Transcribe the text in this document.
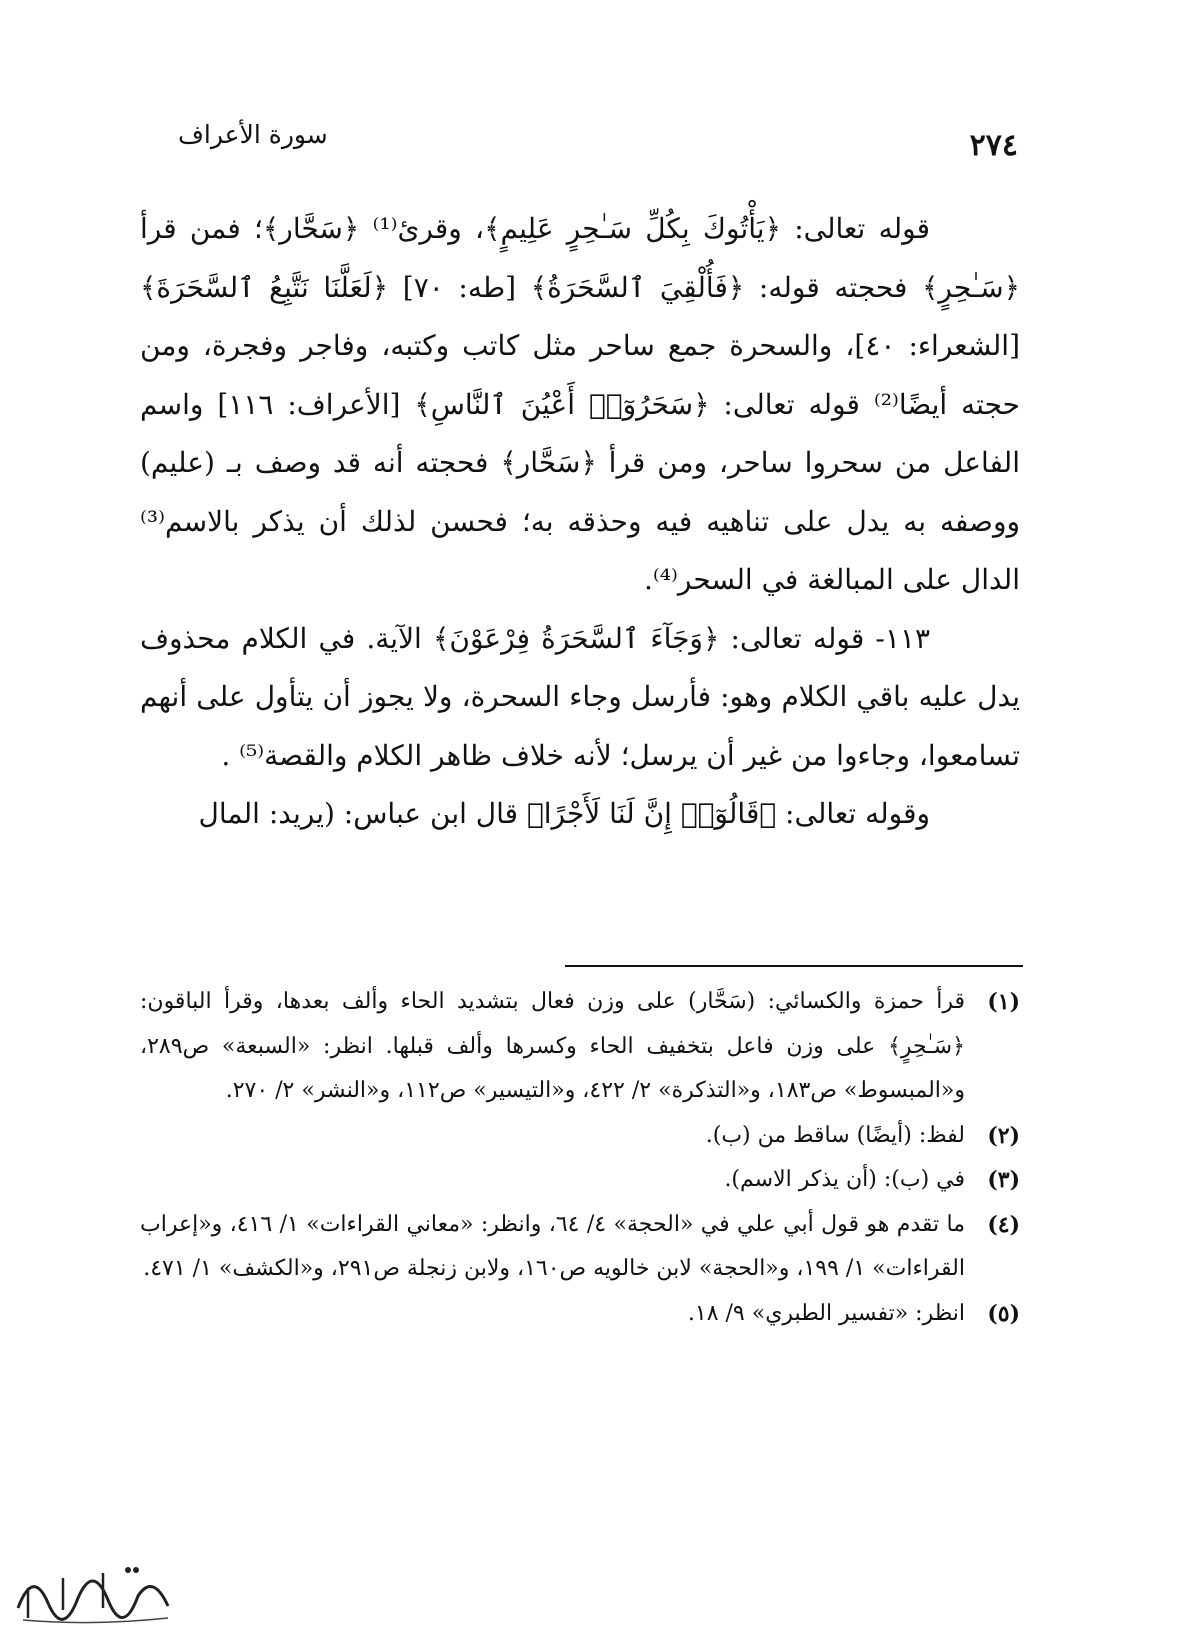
سورة الأعراف	٢٧٤

قوله تعالى: ﴿يَأْتُوكَ بِكُلِّ سَـٰحِرٍ عَلِيمٍ﴾، وقرئ⁽¹⁾ ﴿سَحَّار﴾؛ فمن قرأ ﴿سَـٰحِرٍ﴾ فحجته قوله: ﴿فَأُلْقِيَ ٱلسَّحَرَةُ﴾ [طه: ٧٠] ﴿لَعَلَّنَا نَتَّبِعُ ٱلسَّحَرَةَ﴾ [الشعراء: ٤٠]، والسحرة جمع ساحر مثل كاتب وكتبه، وفاجر وفجرة، ومن حجته أيضًا⁽²⁾ قوله تعالى: ﴿سَحَرُوٓا۟ أَعْيُنَ ٱلنَّاسِ﴾ [الأعراف: ١١٦] واسم الفاعل من سحروا ساحر، ومن قرأ ﴿سَحَّار﴾ فحجته أنه قد وصف بـ (عليم) ووصفه به يدل على تناهيه فيه وحذقه به؛ فحسن لذلك أن يذكر بالاسم⁽³⁾ الدال على المبالغة في السحر⁽⁴⁾.

١١٣- قوله تعالى: ﴿وَجَآءَ ٱلسَّحَرَةُ فِرْعَوْنَ﴾ الآية. في الكلام محذوف يدل عليه باقي الكلام وهو: فأرسل وجاء السحرة، ولا يجوز أن يتأول على أنهم تسامعوا، وجاءوا من غير أن يرسل؛ لأنه خلاف ظاهر الكلام والقصة⁽⁵⁾ .

وقوله تعالى: ﴿قَالُوٓا۟ إِنَّ لَنَا لَأَجْرًا﴾ قال ابن عباس: (يريد: المال

(١)
قرأ حمزة والكسائي: (سَحَّار) على وزن فعال بتشديد الحاء وألف بعدها، وقرأ الباقون: ﴿سَـٰحِرٍ﴾ على وزن فاعل بتخفيف الحاء وكسرها وألف قبلها. انظر: «السبعة» ص٢٨٩، و«المبسوط» ص١٨٣، و«التذكرة» ٢/ ٤٢٢، و«التيسير» ص١١٢، و«النشر» ٢/ ٢٧٠.
(٢)
لفظ: (أيضًا) ساقط من (ب).
(٣)
في (ب): (أن يذكر الاسم).
(٤)
ما تقدم هو قول أبي علي في «الحجة» ٤/ ٦٤، وانظر: «معاني القراءات» ١/ ٤١٦، و«إعراب القراءات» ١/ ١٩٩، و«الحجة» لابن خالويه ص١٦٠، ولابن زنجلة ص٢٩١، و«الكشف» ١/ ٤٧١.
(٥)
انظر: «تفسير الطبري» ٩/ ١٨.
